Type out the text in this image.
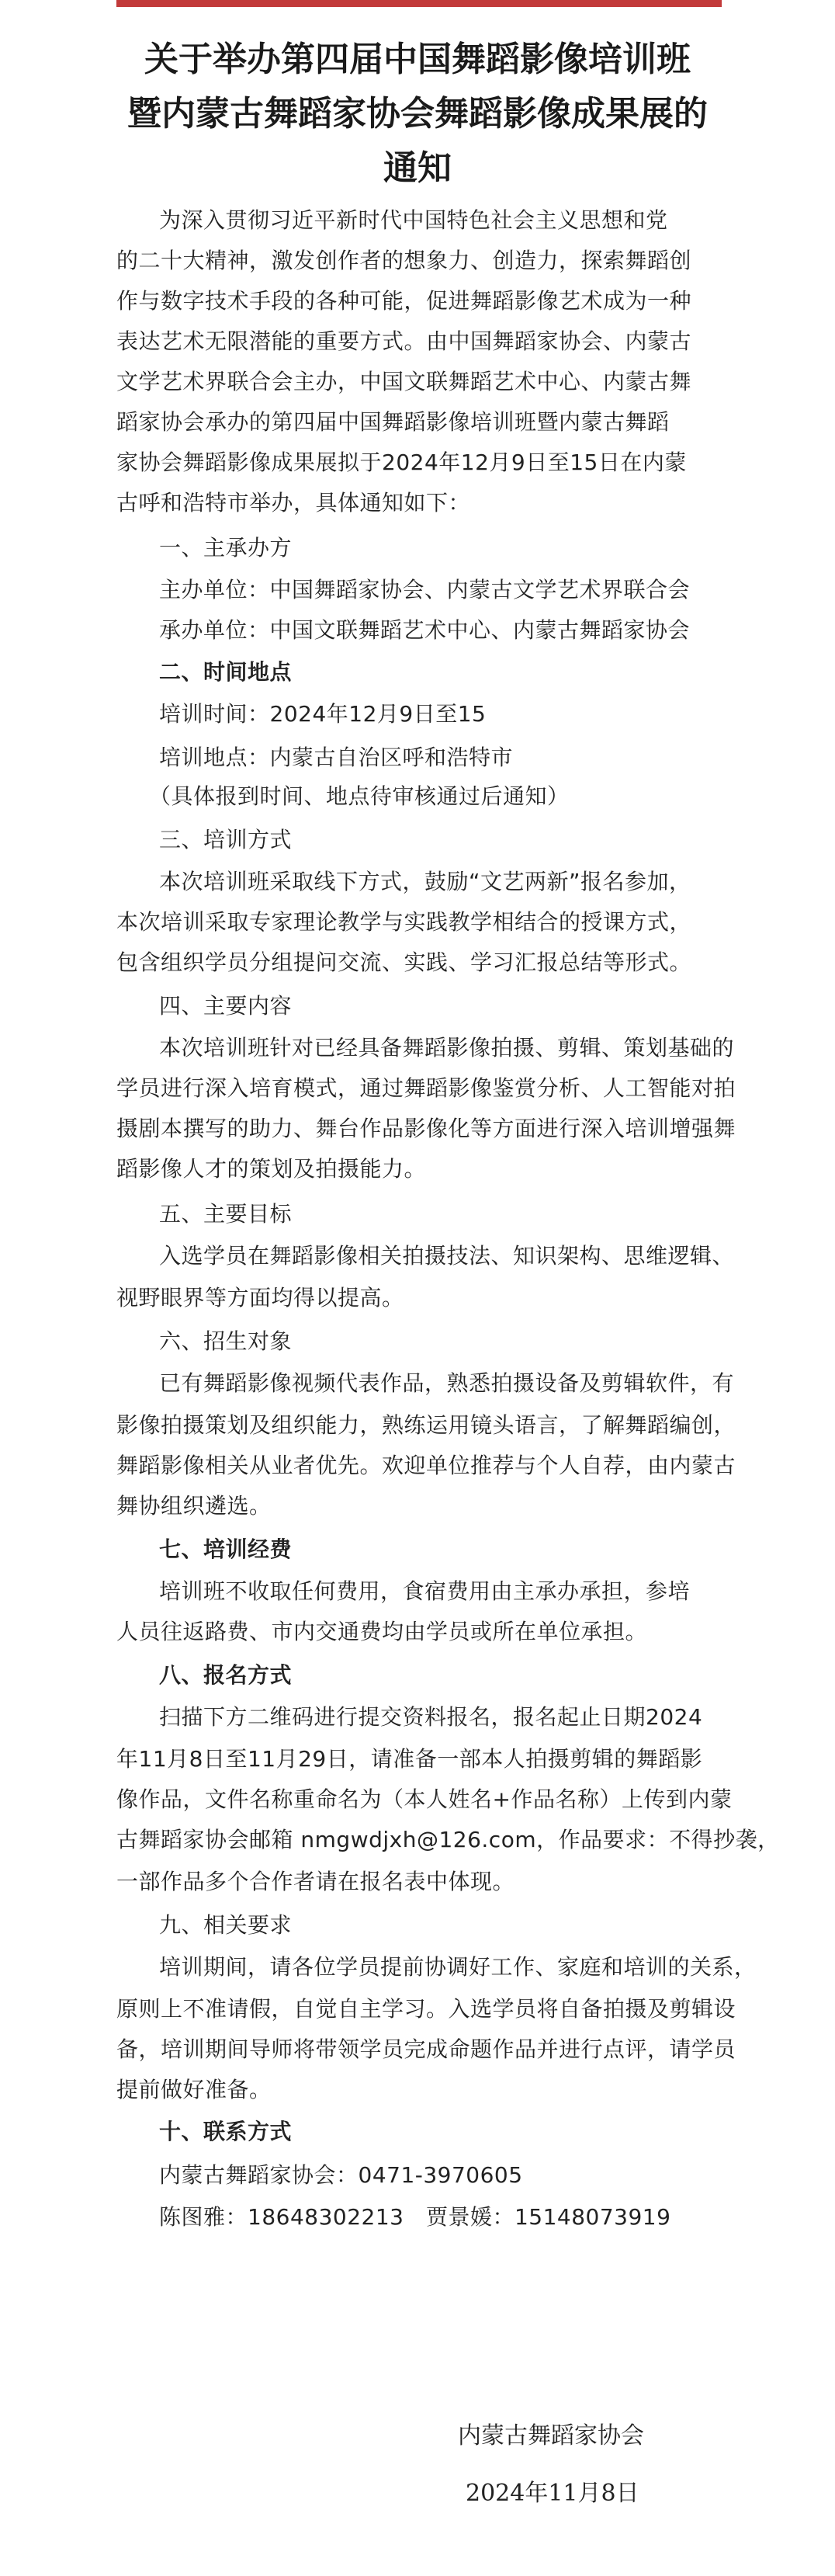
关于举办第四届中国舞蹈影像培训班
暨内蒙古舞蹈家协会舞蹈影像成果展的
通知
为深入贯彻习近平新时代中国特色社会主义思想和党
的二十大精神，激发创作者的想象力、创造力，探索舞蹈创
作与数字技术手段的各种可能，促进舞蹈影像艺术成为一种
表达艺术无限潜能的重要方式。由中国舞蹈家协会、内蒙古
文学艺术界联合会主办，中国文联舞蹈艺术中心、内蒙古舞
蹈家协会承办的第四届中国舞蹈影像培训班暨内蒙古舞蹈
家协会舞蹈影像成果展拟于2024年12月9日至15日在内蒙
古呼和浩特市举办，具体通知如下：
一、主承办方
主办单位：中国舞蹈家协会、内蒙古文学艺术界联合会
承办单位：中国文联舞蹈艺术中心、内蒙古舞蹈家协会
二、时间地点
培训时间：2024年12月9日至15
培训地点：内蒙古自治区呼和浩特市
（具体报到时间、地点待审核通过后通知）
三、培训方式
本次培训班采取线下方式，鼓励“文艺两新”报名参加，
本次培训采取专家理论教学与实践教学相结合的授课方式，
包含组织学员分组提问交流、实践、学习汇报总结等形式。
四、主要内容
本次培训班针对已经具备舞蹈影像拍摄、剪辑、策划基础的
学员进行深入培育模式，通过舞蹈影像鉴赏分析、人工智能对拍
摄剧本撰写的助力、舞台作品影像化等方面进行深入培训增强舞
蹈影像人才的策划及拍摄能力。
五、主要目标
入选学员在舞蹈影像相关拍摄技法、知识架构、思维逻辑、
视野眼界等方面均得以提高。
六、招生对象
已有舞蹈影像视频代表作品，熟悉拍摄设备及剪辑软件，有
影像拍摄策划及组织能力，熟练运用镜头语言，了解舞蹈编创，
舞蹈影像相关从业者优先。欢迎单位推荐与个人自荐，由内蒙古
舞协组织遴选。
七、培训经费
培训班不收取任何费用，食宿费用由主承办承担，参培
人员往返路费、市内交通费均由学员或所在单位承担。
八、报名方式
扫描下方二维码进行提交资料报名，报名起止日期2024
年11月8日至11月29日，请准备一部本人拍摄剪辑的舞蹈影
像作品，文件名称重命名为（本人姓名+作品名称）上传到内蒙
古舞蹈家协会邮箱 nmgwdjxh@126.com，作品要求：不得抄袭，
一部作品多个合作者请在报名表中体现。
九、相关要求
培训期间，请各位学员提前协调好工作、家庭和培训的关系，
原则上不准请假，自觉自主学习。入选学员将自备拍摄及剪辑设
备，培训期间导师将带领学员完成命题作品并进行点评，请学员
提前做好准备。
十、联系方式
内蒙古舞蹈家协会：0471-3970605
陈图雅：18648302213　贾景媛：15148073919
内蒙古舞蹈家协会
2024年11月8日
